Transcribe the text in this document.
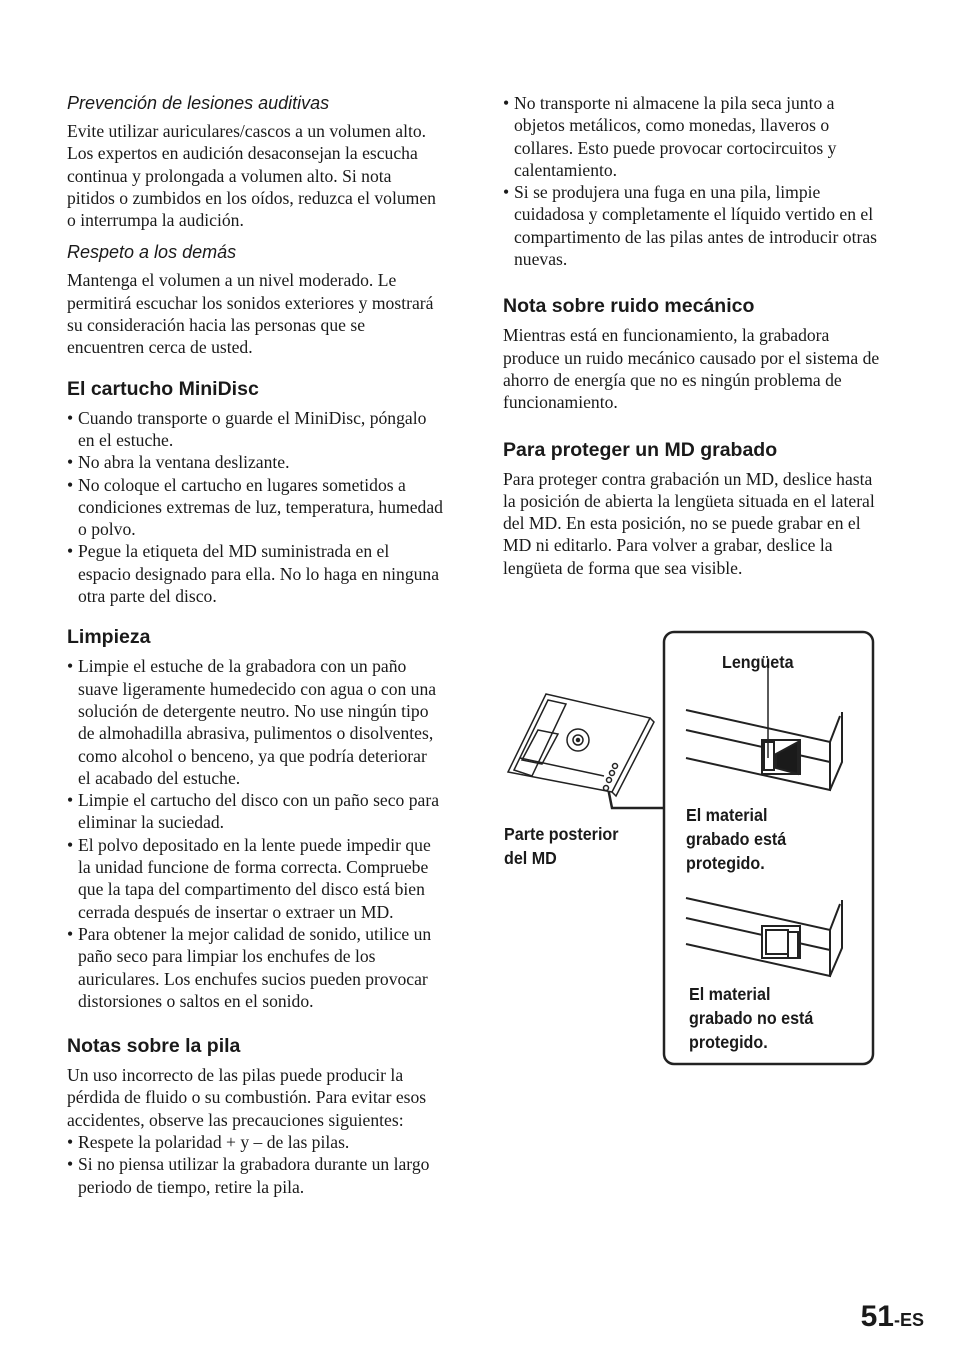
Prevención de lesiones auditivas

Evite utilizar auriculares/cascos a un volumen alto. Los expertos en audición desaconsejan la escucha continua y prolongada a volumen alto. Si nota pitidos o zumbidos en los oídos, reduzca el volumen o interrumpa la audición.

Respeto a los demás

Mantenga el volumen a un nivel moderado. Le permitirá escuchar los sonidos exteriores y mostrará su consideración hacia las personas que se encuentren cerca de usted.

El cartucho MiniDisc
• Cuando transporte o guarde el MiniDisc, póngalo en el estuche.
• No abra la ventana deslizante.
• No coloque el cartucho en lugares sometidos a condiciones extremas de luz, temperatura, humedad o polvo.
• Pegue la etiqueta del MD suministrada en el espacio designado para ella. No lo haga en ninguna otra parte del disco.
Limpieza
• Limpie el estuche de la grabadora con un paño suave ligeramente humedecido con agua o con una solución de detergente neutro. No use ningún tipo de almohadilla abrasiva, pulimentos o disolventes, como alcohol o benceno, ya que podría deteriorar el acabado del estuche.
• Limpie el cartucho del disco con un paño seco para eliminar la suciedad.
• El polvo depositado en la lente puede impedir que la unidad funcione de forma correcta. Compruebe que la tapa del compartimento del disco está bien cerrada después de insertar o extraer un MD.
• Para obtener la mejor calidad de sonido, utilice un paño seco para limpiar los enchufes de los auriculares. Los enchufes sucios pueden provocar distorsiones o saltos en el sonido.
Notas sobre la pila

Un uso incorrecto de las pilas puede producir la pérdida de fluido o su combustión. Para evitar esos accidentes, observe las precauciones siguientes:

• Respete la polaridad + y – de las pilas.
• Si no piensa utilizar la grabadora durante un largo periodo de tiempo, retire la pila.
• No transporte ni almacene la pila seca junto a objetos metálicos, como monedas, llaveros o collares. Esto puede provocar cortocircuitos y calentamiento.
• Si se produjera una fuga en una pila, limpie cuidadosa y completamente el líquido vertido en el compartimento de las pilas antes de introducir otras nuevas.
Nota sobre ruido mecánico

Mientras está en funcionamiento, la grabadora produce un ruido mecánico causado por el sistema de ahorro de energía que no es ningún problema de funcionamiento.

Para proteger un MD grabado

Para proteger contra grabación un MD, deslice hasta la posición de abierta la lengüeta situada en el lateral del MD. En esta posición, no se puede grabar en el MD ni editarlo. Para volver a grabar, deslice la lengüeta de forma que sea visible.

Lengüeta
Parte posterior
del MD
El material
grabado está
protegido.
El material
grabado no está
protegido.
51-ES
